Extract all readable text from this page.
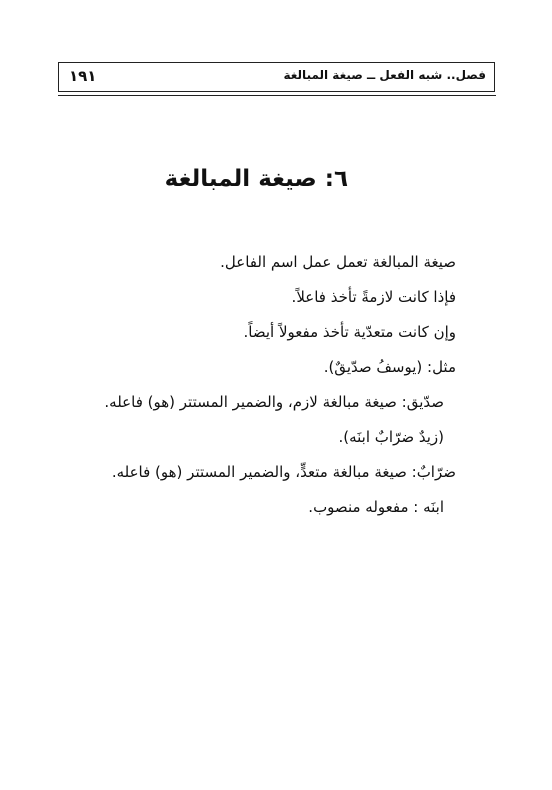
فصل.. شبه الفعل ــ صيغة المبالغة
١٩١
٦: صيغة المبالغة
صيغة المبالغة تعمل عمل اسم الفاعل.
فإذا كانت لازمةً تأخذ فاعلاً.
وإن كانت متعدّية تأخذ مفعولاً أيضاً.
مثل: (يوسفُ صدّيقٌ).
صدّيق: صيغة مبالغة لازم، والضمير المستتر (هو) فاعله.
(زيدٌ ضرّابٌ ابنَه).
ضرّابٌ: صيغة مبالغة متعدٍّ، والضمير المستتر (هو) فاعله.
ابنَه : مفعوله منصوب.
